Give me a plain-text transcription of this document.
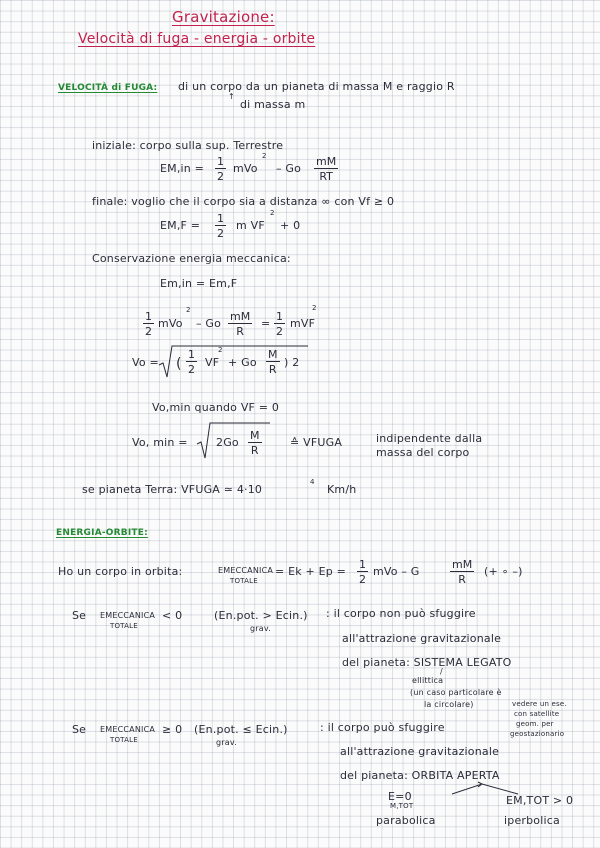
Gravitazione:
Velocità di fuga - energia - orbite
VELOCITÀ di FUGA: di un corpo da un pianeta di massa M e raggio R
↑
di massa m
iniziale: corpo sulla sup. Terrestre
$EM,in = \frac{1}{2}$ mVo
2
– Go $\frac{mM}{RT}$
finale: voglio che il corpo sia a distanza ∞ con Vf ≥ 0
$EM,F = \frac{1}{2}$ m VF
2
+ 0
Conservazione energia meccanica:
Em,in = Em,F
$\frac{1}{2}$ mVo
2
– Go $\frac{mM}{R} = \frac{1}{2}$ mVF
2
Vo = ( $\frac{1}{2}$ VF
2
+ Go $\frac{M}{R}$ ) 2
Vo,min quando VF = 0
Vo, min =	$2Go \frac{M}{R}$	≙ VFUGA	indipendente dalla
massa del corpo
se pianeta Terra: VFUGA ≃ 4·10
4
Km/h
ENERGIA-ORBITE:
Ho un corpo in orbita:	EMECCANICA
TOTALE
= $Ek + Ep = \frac{1}{2}$ mVo – G	$\frac{mM}{R}$ (+ ∘ –)
Se EMECCANICA
TOTALE
< 0	(En.pot. > Ecin.)
grav.
: il corpo non può sfuggire
all'attrazione gravitazionale
del pianeta: SISTEMA LEGATO
/
ellittica
(un caso particolare è
la circolare)	vedere un ese.
con satellite
geom. per
geostazionario
Se EMECCANICA
TOTALE
≥ 0 (En.pot. ≤ Ecin.)
grav.
: il corpo può sfuggire
all'attrazione gravitazionale
del pianeta: ORBITA APERTA
E=0
M,TOT
parabolica
EM,TOT > 0
iperbolica
